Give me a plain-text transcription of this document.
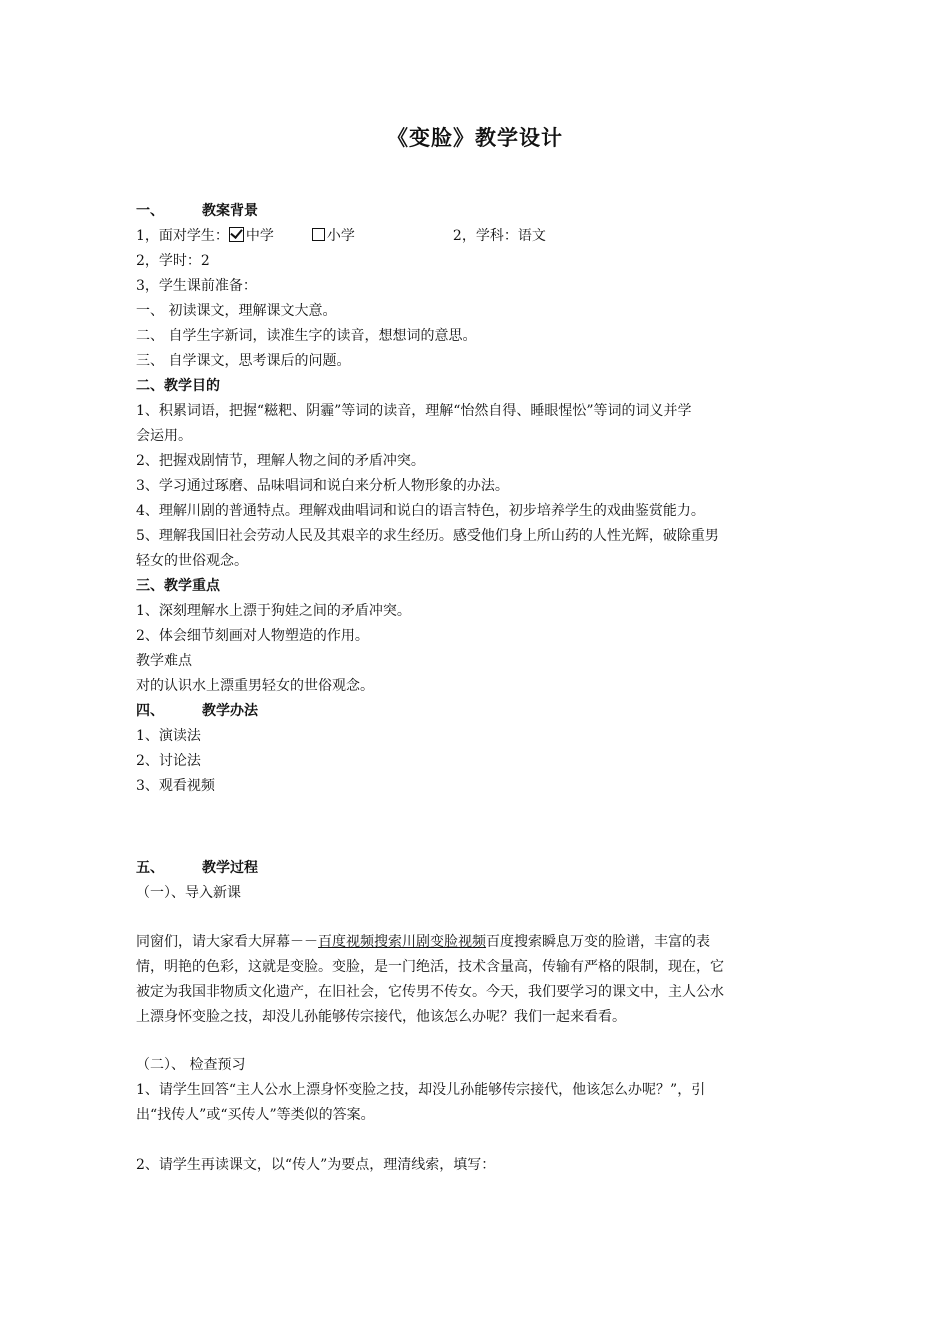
《变脸》教学设计
一、	教案背景
1，面对学生： 中学	小学	2，学科：语文
2，学时：2
3，学生课前准备：
一、 初读课文，理解课文大意。
二、 自学生字新词，读准生字的读音，想想词的意思。
三、 自学课文，思考课后的问题。
二、教学目的
1、积累词语，把握“糍粑、阴霾”等词的读音，理解“怡然自得、睡眼惺忪”等词的词义并学
会运用。
2、把握戏剧情节，理解人物之间的矛盾冲突。
3、学习通过琢磨、品味唱词和说白来分析人物形象的办法。
4、理解川剧的普通特点。理解戏曲唱词和说白的语言特色，初步培养学生的戏曲鉴赏能力。
5、理解我国旧社会劳动人民及其艰辛的求生经历。感受他们身上所山药的人性光辉，破除重男
轻女的世俗观念。
三、教学重点
1、深刻理解水上漂于狗娃之间的矛盾冲突。
2、体会细节刻画对人物塑造的作用。
教学难点
对的认识水上漂重男轻女的世俗观念。
四、	教学办法
1、演读法
2、讨论法
3、观看视频
五、	教学过程
（一）、导入新课
同窗们，请大家看大屏幕－－百度视频搜索川剧变脸视频百度搜索瞬息万变的脸谱，丰富的表
情，明艳的色彩，这就是变脸。变脸，是一门绝活，技术含量高，传输有严格的限制，现在，它
被定为我国非物质文化遗产，在旧社会，它传男不传女。今天，我们要学习的课文中，主人公水
上漂身怀变脸之技，却没儿孙能够传宗接代，他该怎么办呢？我们一起来看看。
（二）、 检查预习
1、请学生回答“主人公水上漂身怀变脸之技，却没儿孙能够传宗接代，他该怎么办呢？”，引
出“找传人”或“买传人”等类似的答案。
2、请学生再读课文，以“传人”为要点，理清线索，填写：
